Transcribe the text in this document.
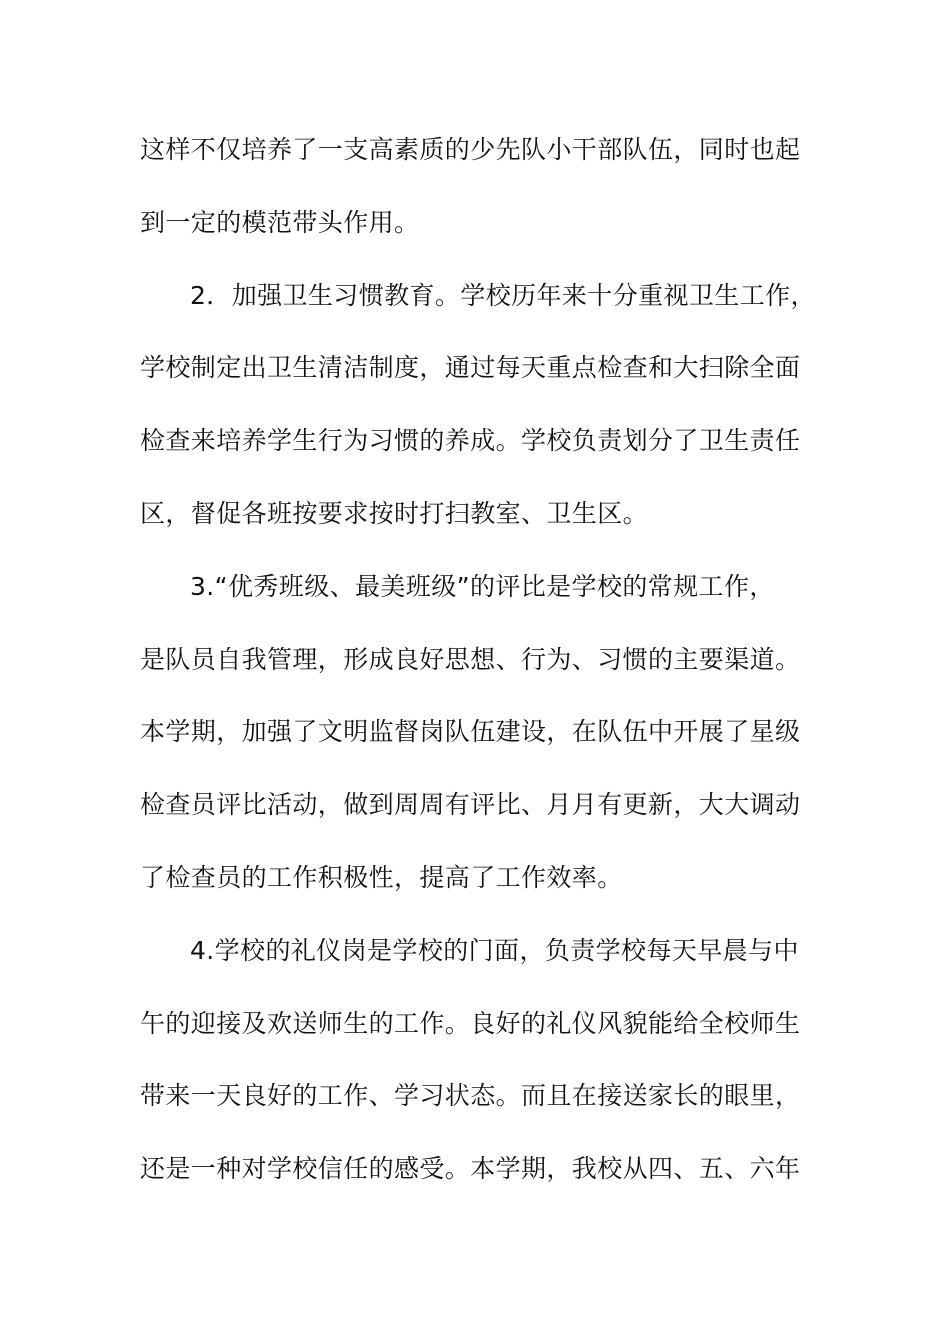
这样不仅培养了一支高素质的少先队小干部队伍，同时也起
到一定的模范带头作用。
2．加强卫生习惯教育。学校历年来十分重视卫生工作，
学校制定出卫生清洁制度，通过每天重点检查和大扫除全面
检查来培养学生行为习惯的养成。学校负责划分了卫生责任
区，督促各班按要求按时打扫教室、卫生区。
3.“优秀班级、最美班级”的评比是学校的常规工作，
是队员自我管理，形成良好思想、行为、习惯的主要渠道。
本学期，加强了文明监督岗队伍建设，在队伍中开展了星级
检查员评比活动，做到周周有评比、月月有更新，大大调动
了检查员的工作积极性，提高了工作效率。
4.学校的礼仪岗是学校的门面，负责学校每天早晨与中
午的迎接及欢送师生的工作。良好的礼仪风貌能给全校师生
带来一天良好的工作、学习状态。而且在接送家长的眼里，
还是一种对学校信任的感受。本学期，我校从四、五、六年
